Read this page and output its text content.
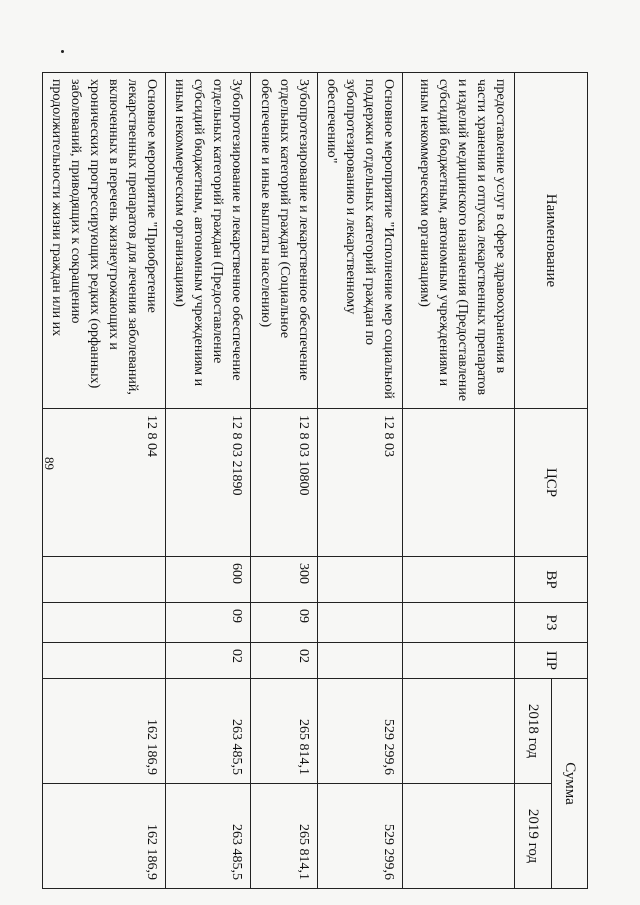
89
Наименование	ЦСР	ВР	РЗ	ПР	Сумма	
					2018 год	2019 год
предоставление услуг в сфере здравоохранения в части хранения и отпуска лекарственных препаратов и изделий медицинского назначения (Предоставление субсидий бюджетным, автономным учреждениям и иным некоммерческим организациям)						
Основное мероприятие "Исполнение мер социальной поддержки отдельных категорий граждан по зубопротезированию и лекарственному обеспечению"	12 8 03				529 299,6	529 299,6
Зубопротезирование и лекарственное обеспечение отдельных категорий граждан (Социальное обеспечение и иные выплаты населению)	12 8 03 10800	300	09	02	265 814,1	265 814,1
Зубопротезирование и лекарственное обеспечение отдельных категорий граждан (Предоставление субсидий бюджетным, автономным учреждениям и иным некоммерческим организациям)	12 8 03 21890	600	09	02	263 485,5	263 485,5
Основное мероприятие "Приобретение лекарственных препаратов для лечения заболеваний, включенных в перечень жизнеугрожающих и хронических прогрессирующих редких (орфанных) заболеваний, приводящих к сокращению продолжительности жизни граждан или их	12 8 04				162 186,9	162 186,9
